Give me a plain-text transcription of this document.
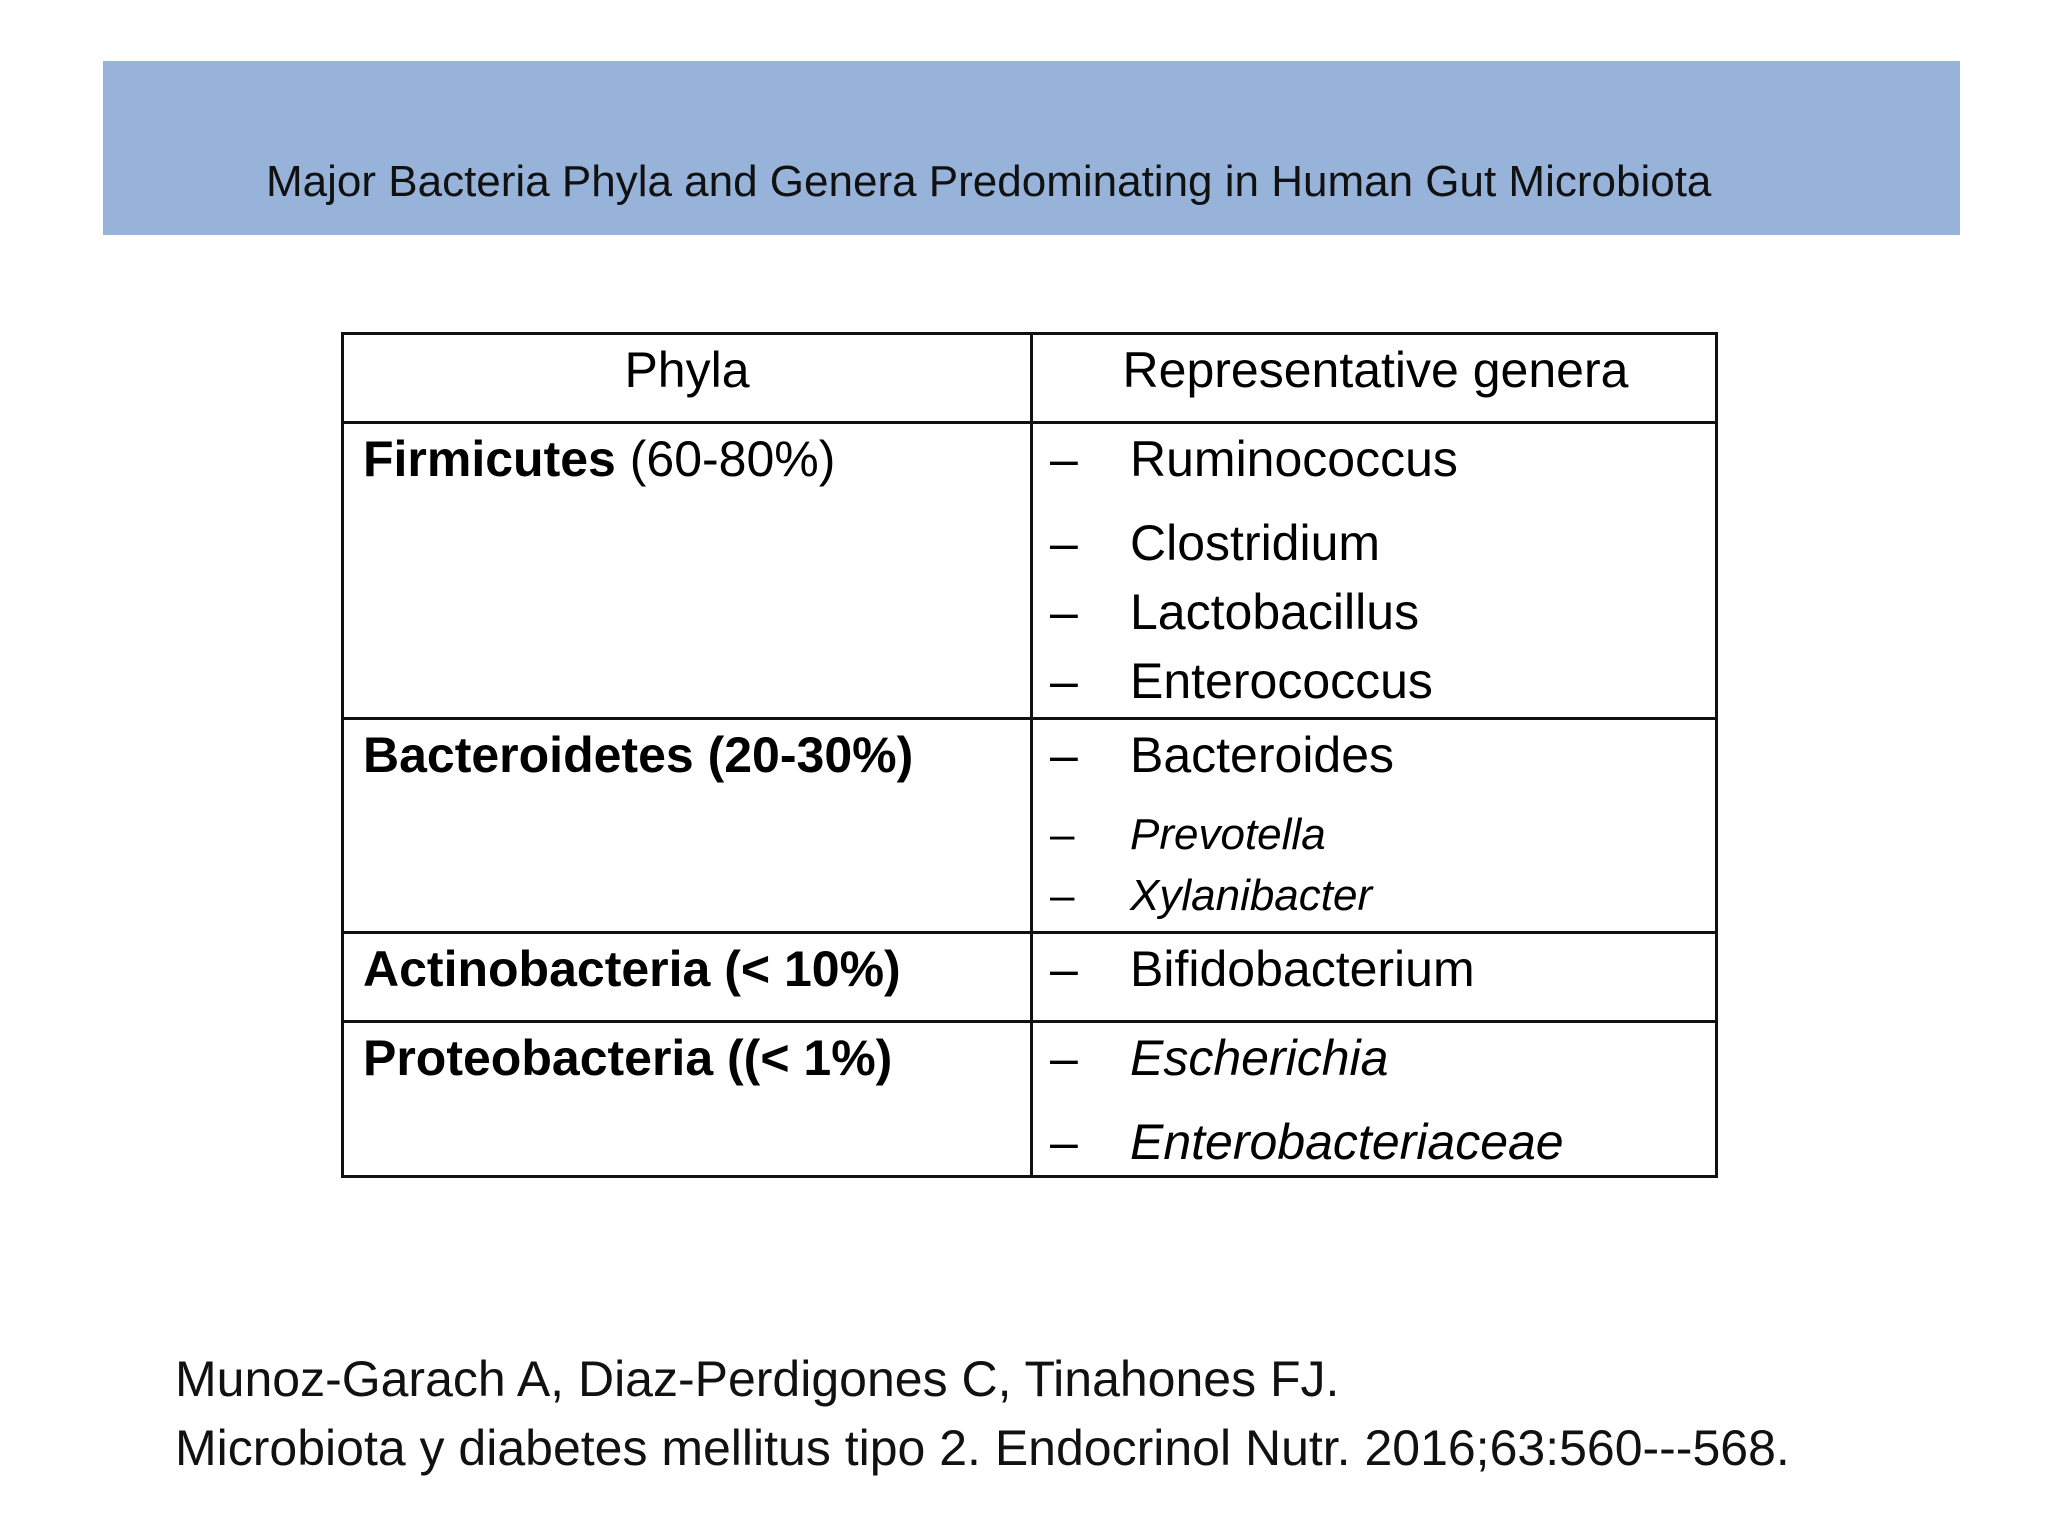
Major Bacteria Phyla and Genera Predominating in Human Gut Microbiota
Phyla	Representative genera
Firmicutes (60-80%)	– Ruminococcus
– Clostridium
– Lactobacillus
– Enterococcus
Bacteroidetes (20-30%)	– Bacteroides
– Prevotella
– Xylanibacter
Actinobacteria (< 10%)	– Bifidobacterium
Proteobacteria ((< 1%)	– Escherichia
– Enterobacteriaceae
Munoz-Garach A, Diaz-Perdigones C, Tinahones FJ.
Microbiota y diabetes mellitus tipo 2. Endocrinol Nutr. 2016;63:560---568.
